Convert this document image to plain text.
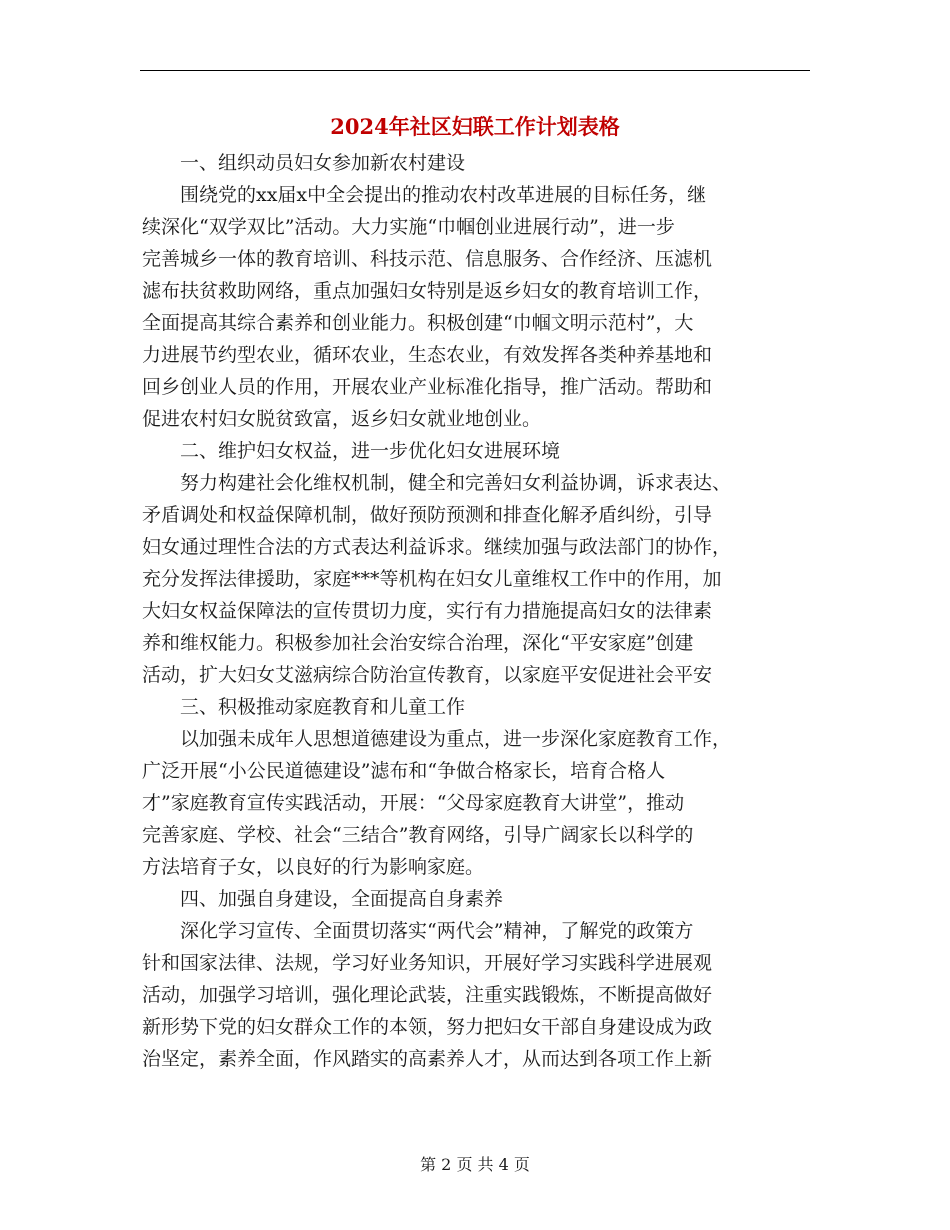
2024年社区妇联工作计划表格

一、组织动员妇女参加新农村建设

围绕党的xx届x中全会提出的推动农村改革进展的目标任务，继
续深化“双学双比”活动。大力实施“巾帼创业进展行动”，进一步
完善城乡一体的教育培训、科技示范、信息服务、合作经济、压滤机
滤布扶贫救助网络，重点加强妇女特别是返乡妇女的教育培训工作，
全面提高其综合素养和创业能力。积极创建“巾帼文明示范村”，大
力进展节约型农业，循环农业，生态农业，有效发挥各类种养基地和
回乡创业人员的作用，开展农业产业标准化指导，推广活动。帮助和
促进农村妇女脱贫致富，返乡妇女就业地创业。

二、维护妇女权益，进一步优化妇女进展环境

努力构建社会化维权机制，健全和完善妇女利益协调，诉求表达、
矛盾调处和权益保障机制，做好预防预测和排查化解矛盾纠纷，引导
妇女通过理性合法的方式表达利益诉求。继续加强与政法部门的协作，
充分发挥法律援助，家庭***等机构在妇女儿童维权工作中的作用，加
大妇女权益保障法的宣传贯切力度，实行有力措施提高妇女的法律素
养和维权能力。积极参加社会治安综合治理，深化“平安家庭”创建
活动，扩大妇女艾滋病综合防治宣传教育，以家庭平安促进社会平安

三、积极推动家庭教育和儿童工作

以加强未成年人思想道德建设为重点，进一步深化家庭教育工作，
广泛开展“小公民道德建设”滤布和“争做合格家长，培育合格人
才”家庭教育宣传实践活动，开展：“父母家庭教育大讲堂”，推动
完善家庭、学校、社会“三结合”教育网络，引导广阔家长以科学的
方法培育子女，以良好的行为影响家庭。

四、加强自身建设，全面提高自身素养

深化学习宣传、全面贯切落实“两代会”精神，了解党的政策方
针和国家法律、法规，学习好业务知识，开展好学习实践科学进展观
活动，加强学习培训，强化理论武装，注重实践锻炼，不断提高做好
新形势下党的妇女群众工作的本领，努力把妇女干部自身建设成为政
治坚定，素养全面，作风踏实的高素养人才，从而达到各项工作上新

第 2 页 共 4 页
